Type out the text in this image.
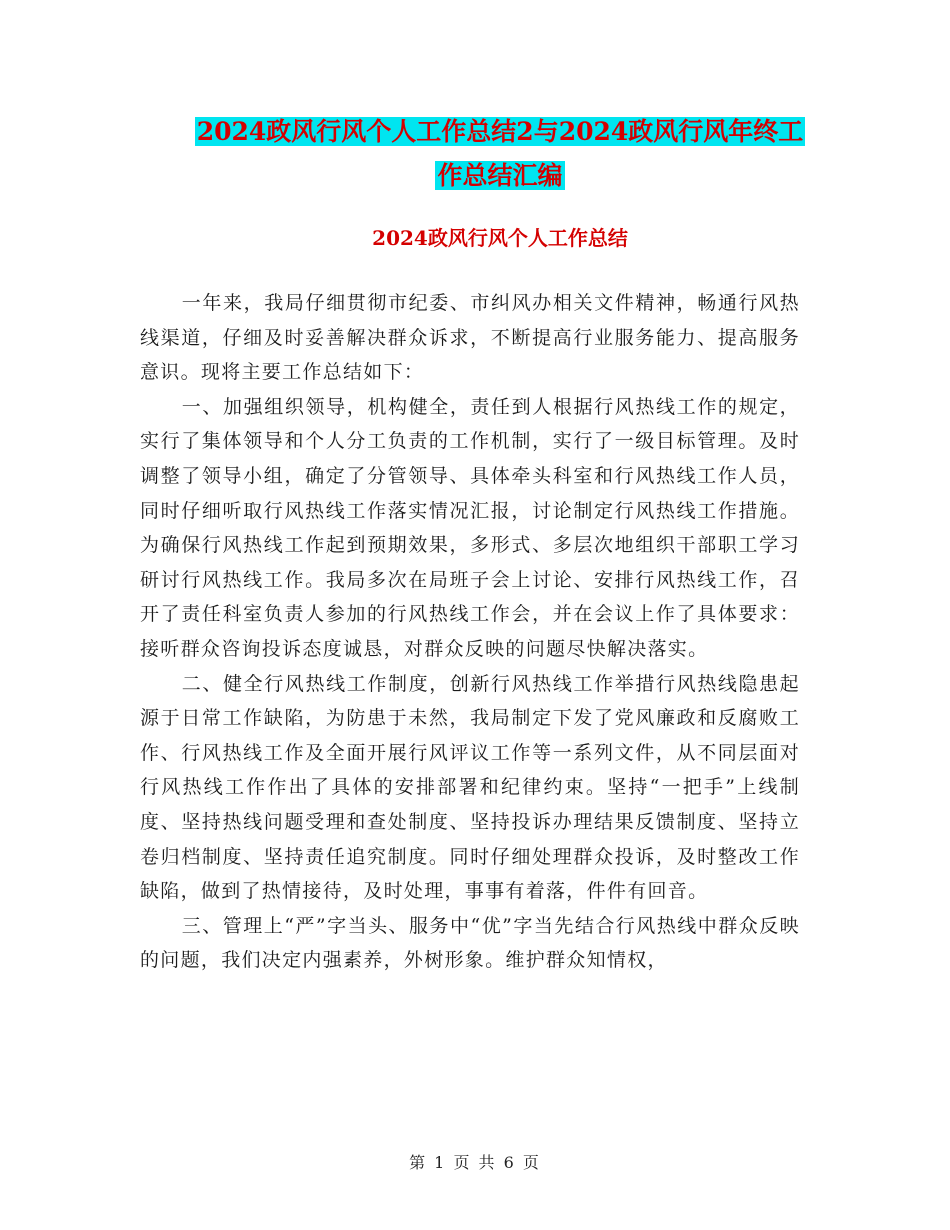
2024政风行风个人工作总结2与2024政风行风年终工
作总结汇编
2024政风行风个人工作总结

一年来，我局仔细贯彻市纪委、市纠风办相关文件精神，畅通行风热线渠道，仔细及时妥善解决群众诉求，不断提高行业服务能力、提高服务意识。现将主要工作总结如下：

一、加强组织领导，机构健全，责任到人根据行风热线工作的规定，实行了集体领导和个人分工负责的工作机制，实行了一级目标管理。及时调整了领导小组，确定了分管领导、具体牵头科室和行风热线工作人员，同时仔细听取行风热线工作落实情况汇报，讨论制定行风热线工作措施。为确保行风热线工作起到预期效果，多形式、多层次地组织干部职工学习研讨行风热线工作。我局多次在局班子会上讨论、安排行风热线工作，召开了责任科室负责人参加的行风热线工作会，并在会议上作了具体要求：接听群众咨询投诉态度诚恳，对群众反映的问题尽快解决落实。

二、健全行风热线工作制度，创新行风热线工作举措行风热线隐患起源于日常工作缺陷，为防患于未然，我局制定下发了党风廉政和反腐败工作、行风热线工作及全面开展行风评议工作等一系列文件，从不同层面对行风热线工作作出了具体的安排部署和纪律约束。坚持“一把手”上线制度、坚持热线问题受理和查处制度、坚持投诉办理结果反馈制度、坚持立卷归档制度、坚持责任追究制度。同时仔细处理群众投诉，及时整改工作缺陷，做到了热情接待，及时处理，事事有着落，件件有回音。

三、管理上“严”字当头、服务中“优”字当先结合行风热线中群众反映的问题，我们决定内强素养，外树形象。维护群众知情权，

第 1 页 共 6 页
